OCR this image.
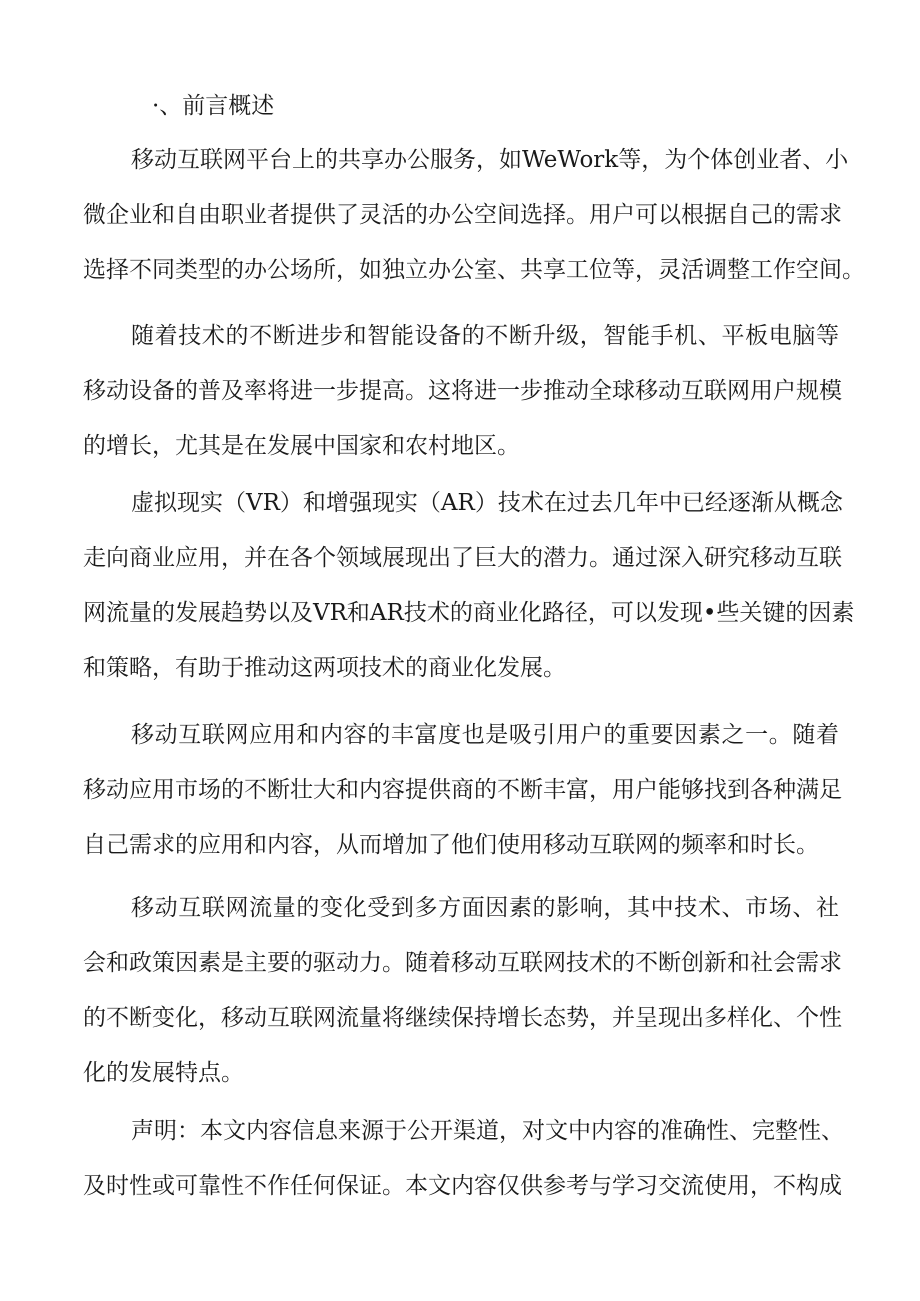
·、前言概述
移动互联网平台上的共享办公服务，如WeWork等，为个体创业者、小
微企业和自由职业者提供了灵活的办公空间选择。用户可以根据自己的需求
选择不同类型的办公场所，如独立办公室、共享工位等，灵活调整工作空间。
随着技术的不断进步和智能设备的不断升级，智能手机、平板电脑等
移动设备的普及率将进一步提高。这将进一步推动全球移动互联网用户规模
的增长，尤其是在发展中国家和农村地区。
虚拟现实（VR）和增强现实（AR）技术在过去几年中已经逐渐从概念
走向商业应用，并在各个领域展现出了巨大的潜力。通过深入研究移动互联
网流量的发展趋势以及VR和AR技术的商业化路径，可以发现•些关键的因素
和策略，有助于推动这两项技术的商业化发展。
移动互联网应用和内容的丰富度也是吸引用户的重要因素之一。随着
移动应用市场的不断壮大和内容提供商的不断丰富，用户能够找到各种满足
自己需求的应用和内容，从而增加了他们使用移动互联网的频率和时长。
移动互联网流量的变化受到多方面因素的影响，其中技术、市场、社
会和政策因素是主要的驱动力。随着移动互联网技术的不断创新和社会需求
的不断变化，移动互联网流量将继续保持增长态势，并呈现出多样化、个性
化的发展特点。
声明：本文内容信息来源于公开渠道，对文中内容的准确性、完整性、
及时性或可靠性不作任何保证。本文内容仅供参考与学习交流使用，不构成
